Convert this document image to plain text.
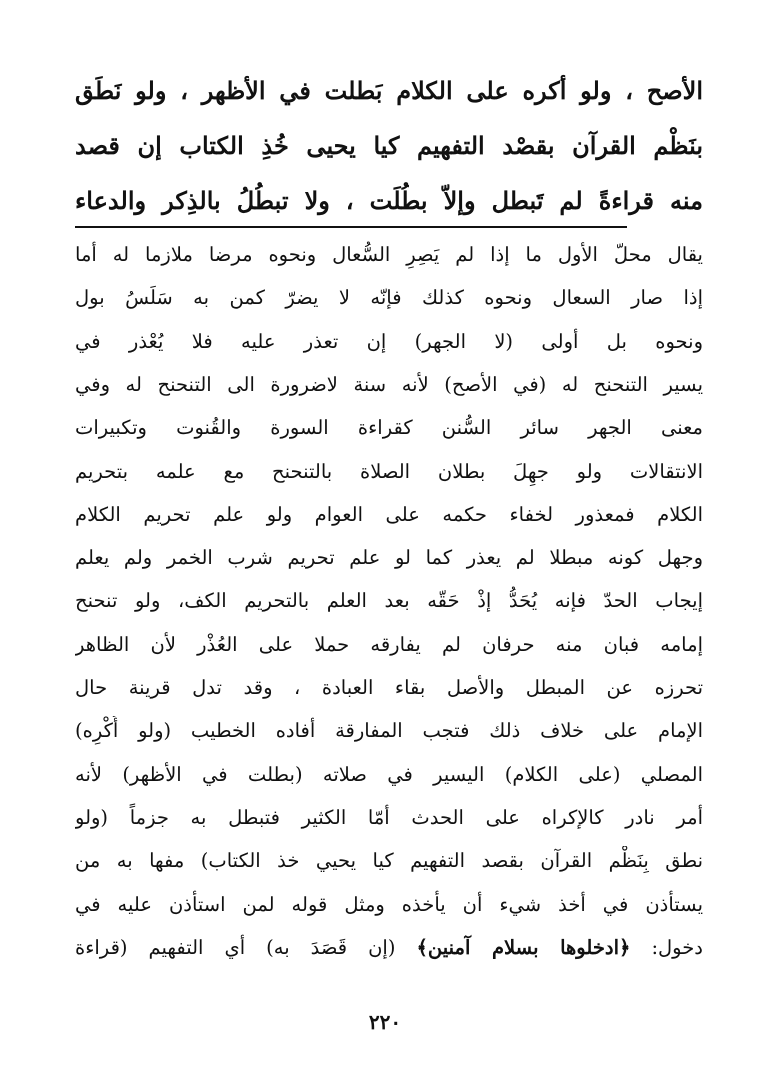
الأصح ، ولو أكره على الكلام بَطلت في الأظهر ، ولو نَطَق
بنَظْم القرآن بقصْد التفهيم كيا يحيى خُذِ الكتاب إن قصد
منه قراءةً لم تَبطل وإلاّ بطُلَت ، ولا تبطُلُ بالذِكر والدعاء
يقال محلّ الأول ما إذا لم يَصِرِ السُّعال ونحوه مرضا ملازما له أما
إذا صار السعال ونحوه كذلك فإنّه لا يضرّ كمن به سَلَسُ بول
ونحوه بل أولى (لا الجهر) إن تعذر عليه فلا يُعْذر في
يسير التنحنح له (في الأصح) لأنه سنة لاضرورة الى التنحنح له وفي
معنى الجهر سائر السُّنن كقراءة السورة والقُنوت وتكبيرات
الانتقالات ولو جهِلَ بطلان الصلاة بالتنحنح مع علمه بتحريم
الكلام فمعذور لخفاء حكمه على العوام ولو علم تحريم الكلام
وجهل كونه مبطلا لم يعذر كما لو علم تحريم شرب الخمر ولم يعلم
إيجاب الحدّ فإنه يُحَدُّ إذْ حَقّه بعد العلم بالتحريم الكف، ولو تنحنح
إمامه فبان منه حرفان لم يفارقه حملا على العُذْر لأن الظاهر
تحرزه عن المبطل والأصل بقاء العبادة ، وقد تدل قرينة حال
الإمام على خلاف ذلك فتجب المفارقة أفاده الخطيب (ولو أُكْرِه)
المصلي (على الكلام) اليسير في صلاته (بطلت في الأظهر) لأنه
أمر نادر كالإكراه على الحدث أمّا الكثير فتبطل به جزماً (ولو
نطق بِنَظْم القرآن بقصد التفهيم كيا يحيي خذ الكتاب) مفها به من
يستأذن في أخذ شيء أن يأخذه ومثل قوله لمن استأذن عليه في
دخول: ﴿ادخلوها بسلام آمنين﴾ (إن قَصَدَ به) أي التفهيم (قراءة
٢٢٠
